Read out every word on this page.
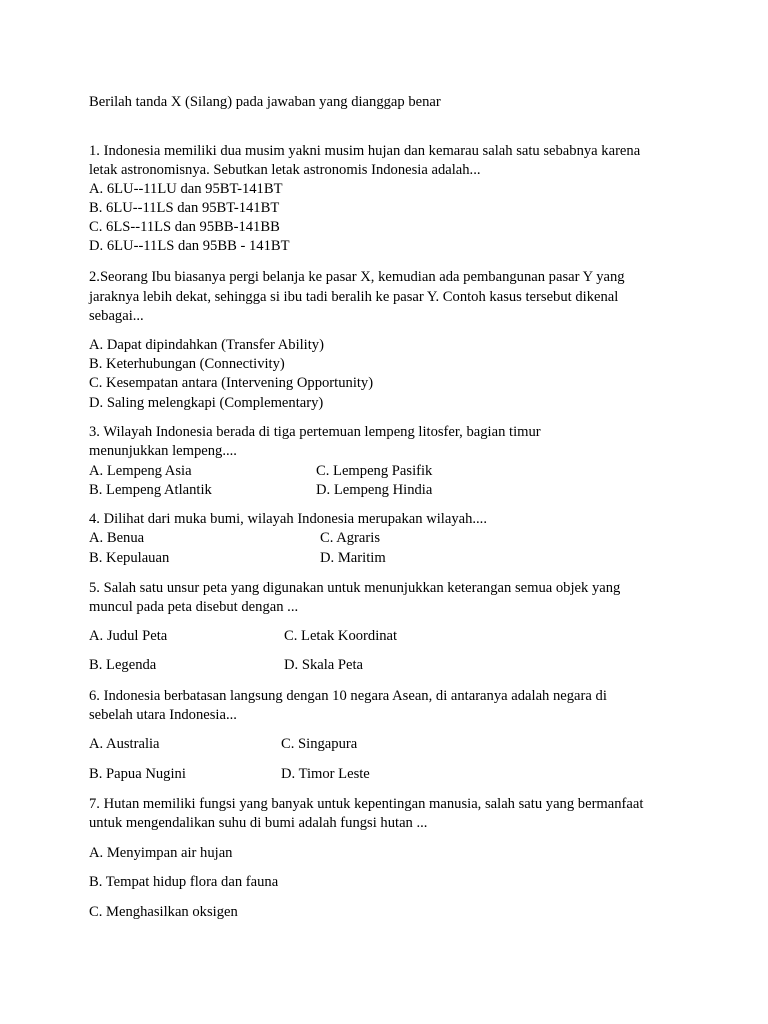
Berilah tanda X (Silang) pada jawaban yang dianggap benar
1. Indonesia memiliki dua musim yakni musim hujan dan kemarau salah satu sebabnya karena
letak astronomisnya. Sebutkan letak astronomis Indonesia adalah...
A. 6LU--11LU dan 95BT-141BT
B. 6LU--11LS dan 95BT-141BT
C. 6LS--11LS dan 95BB-141BB
D. 6LU--11LS dan 95BB - 141BT
2.Seorang Ibu biasanya pergi belanja ke pasar X, kemudian ada pembangunan pasar Y yang
jaraknya lebih dekat, sehingga si ibu tadi beralih ke pasar Y. Contoh kasus tersebut dikenal
sebagai...
A. Dapat dipindahkan (Transfer Ability)
B. Keterhubungan (Connectivity)
C. Kesempatan antara (Intervening Opportunity)
D. Saling melengkapi (Complementary)
3. Wilayah Indonesia berada di tiga pertemuan lempeng litosfer, bagian timur
menunjukkan lempeng....
A. Lempeng Asia	C. Lempeng Pasifik
B. Lempeng Atlantik	D. Lempeng Hindia
4. Dilihat dari muka bumi, wilayah Indonesia merupakan wilayah....
A. Benua	C. Agraris
B. Kepulauan	D. Maritim
5. Salah satu unsur peta yang digunakan untuk menunjukkan keterangan semua objek yang
muncul pada peta disebut dengan ...
A. Judul Peta	C. Letak Koordinat
B. Legenda	D. Skala Peta
6. Indonesia berbatasan langsung dengan 10 negara Asean, di antaranya adalah negara di
sebelah utara Indonesia...
A. Australia	C. Singapura
B. Papua Nugini	D. Timor Leste
7. Hutan memiliki fungsi yang banyak untuk kepentingan manusia, salah satu yang bermanfaat
untuk mengendalikan suhu di bumi adalah fungsi hutan ...
A. Menyimpan air hujan
B. Tempat hidup flora dan fauna
C. Menghasilkan oksigen
